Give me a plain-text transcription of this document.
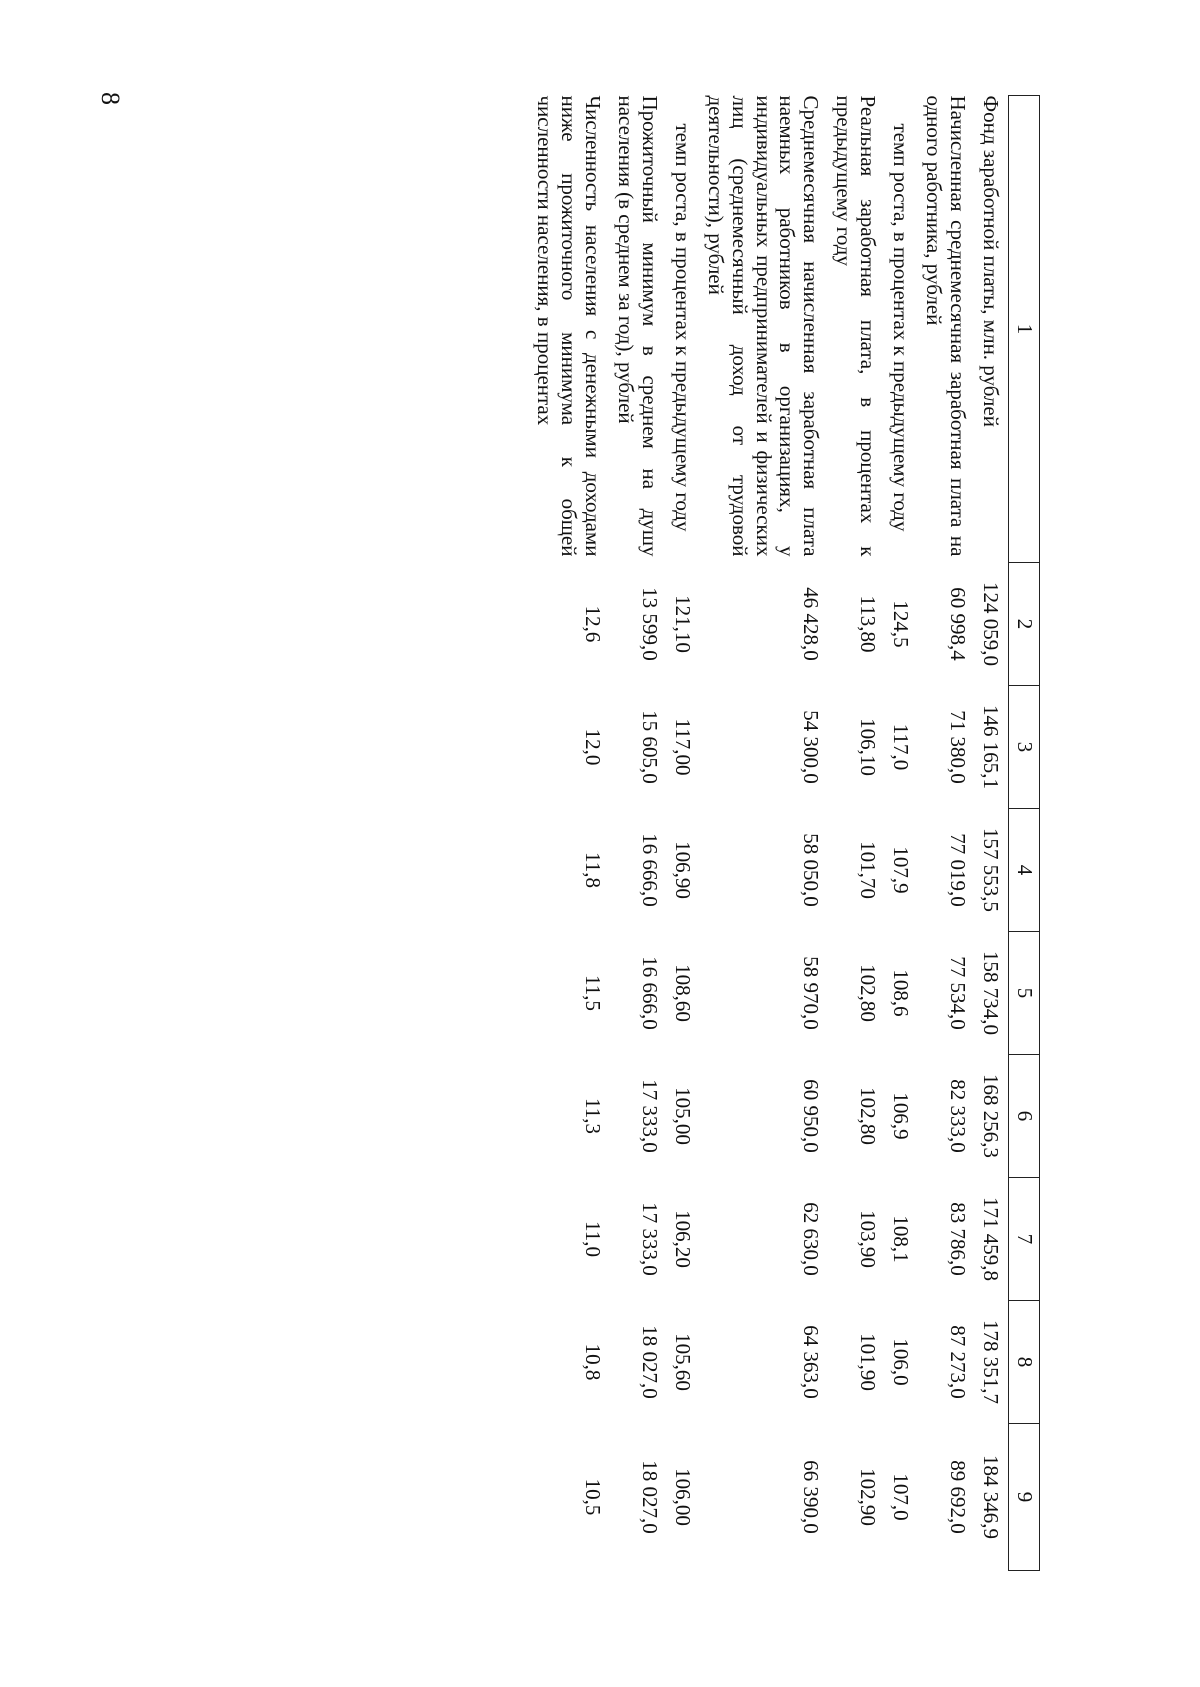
8
1	2	3	4	5	6	7	8	9
Фонд заработной платы, млн. рублей	124 059,0	146 165,1	157 553,5	158 734,0	168 256,3	171 459,8	178 351,7	184 346,9
Начисленная среднемесячная заработная плата на одного работника, рублей	60 998,4	71 380,0	77 019,0	77 534,0	82 333,0	83 786,0	87 273,0	89 692,0
темп роста, в процентах к предыдущему году	124,5	117,0	107,9	108,6	106,9	108,1	106,0	107,0
Реальная заработная плата, в процентах к предыдущему году	113,80	106,10	101,70	102,80	102,80	103,90	101,90	102,90
Среднемесячная начисленная заработная плата наемных работников в организациях, у индивидуальных предпринимателей и физических лиц (среднемесячный доход от трудовой деятельности), рублей	46 428,0	54 300,0	58 050,0	58 970,0	60 950,0	62 630,0	64 363,0	66 390,0
темп роста, в процентах к предыдущему году	121,10	117,00	106,90	108,60	105,00	106,20	105,60	106,00
Прожиточный минимум в среднем на душу населения (в среднем за год), рублей	13 599,0	15 605,0	16 666,0	16 666,0	17 333,0	17 333,0	18 027,0	18 027,0
Численность населения с денежными доходами ниже прожиточного минимума к общей численности населения, в процентах	12,6	12,0	11,8	11,5	11,3	11,0	10,8	10,5
